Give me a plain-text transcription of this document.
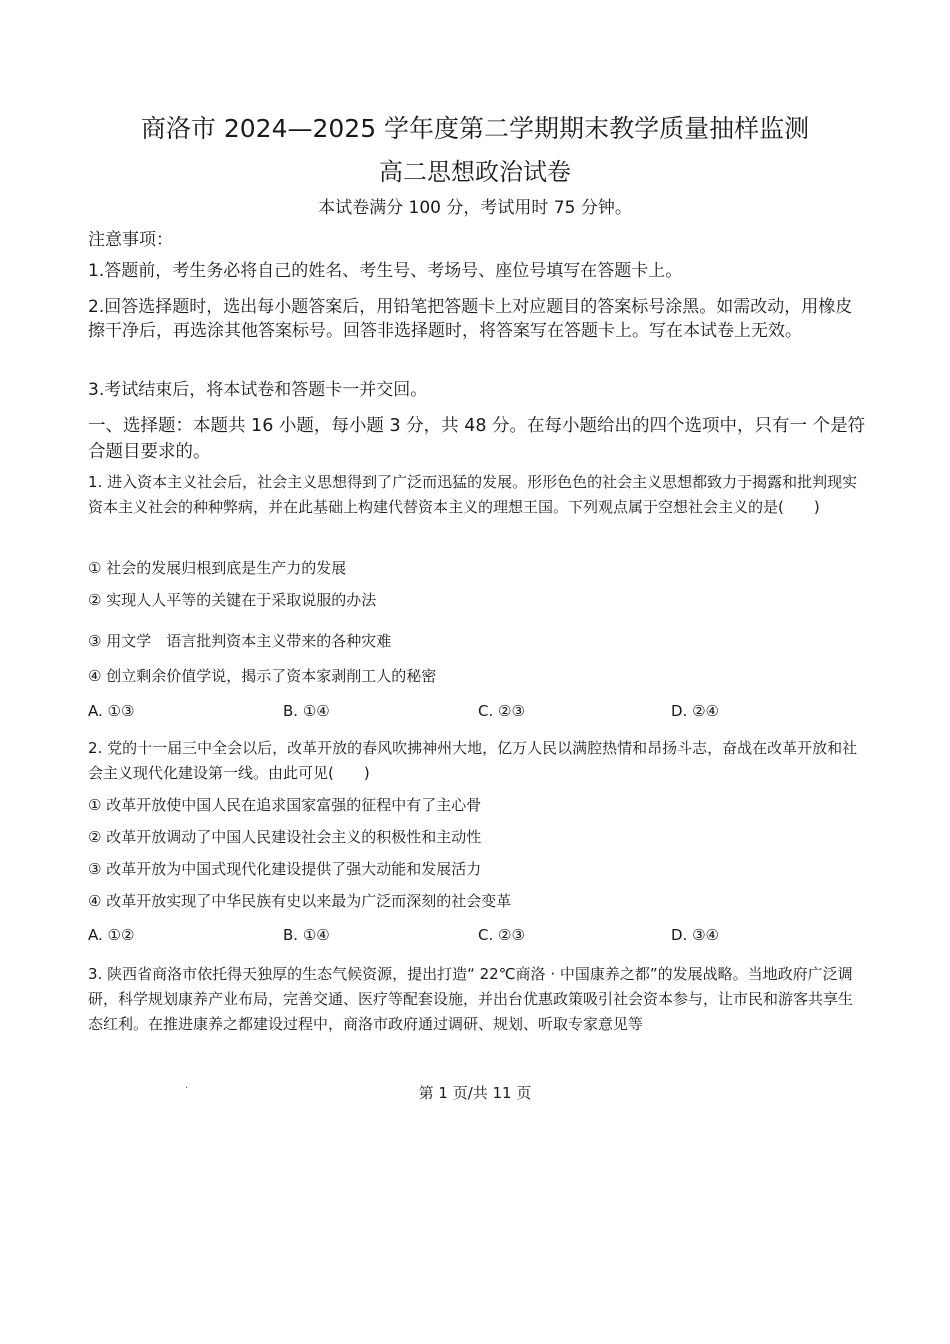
商洛市 2024—2025 学年度第二学期期末教学质量抽样监测
高二思想政治试卷
本试卷满分 100 分，考试用时 75 分钟。
注意事项：
1.答题前，考生务必将自己的姓名、考生号、考场号、座位号填写在答题卡上。
2.回答选择题时，选出每小题答案后，用铅笔把答题卡上对应题目的答案标号涂黑。如需改动，用橡皮擦干净后，再选涂其他答案标号。回答非选择题时，将答案写在答题卡上。写在本试卷上无效。
3.考试结束后，将本试卷和答题卡一并交回。
一、选择题：本题共 16 小题，每小题 3 分，共 48 分。在每小题给出的四个选项中，只有一 个是符合题目要求的。
1. 进入资本主义社会后，社会主义思想得到了广泛而迅猛的发展。形形色色的社会主义思想都致力于揭露和批判现实资本主义社会的种种弊病，并在此基础上构建代替资本主义的理想王国。下列观点属于空想社会主义的是(　　)
① 社会的发展归根到底是生产力的发展
② 实现人人平等的关键在于采取说服的办法
③ 用文学　语言批判资本主义带来的各种灾难
④ 创立剩余价值学说，揭示了资本家剥削工人的秘密
A. ①③	B. ①④	C. ②③	D. ②④
2. 党的十一届三中全会以后，改革开放的春风吹拂神州大地，亿万人民以满腔热情和昂扬斗志，奋战在改革开放和社会主义现代化建设第一线。由此可见(　　)
① 改革开放使中国人民在追求国家富强的征程中有了主心骨
② 改革开放调动了中国人民建设社会主义的积极性和主动性
③ 改革开放为中国式现代化建设提供了强大动能和发展活力
④ 改革开放实现了中华民族有史以来最为广泛而深刻的社会变革
A. ①②	B. ①④	C. ②③	D. ③④
3. 陕西省商洛市依托得天独厚的生态气候资源，提出打造“ 22℃商洛 · 中国康养之都”的发展战略。当地政府广泛调研，科学规划康养产业布局，完善交通、医疗等配套设施，并出台优惠政策吸引社会资本参与，让市民和游客共享生态红利。在推进康养之都建设过程中，商洛市政府通过调研、规划、听取专家意见等
.	第 1 页/共 11 页
